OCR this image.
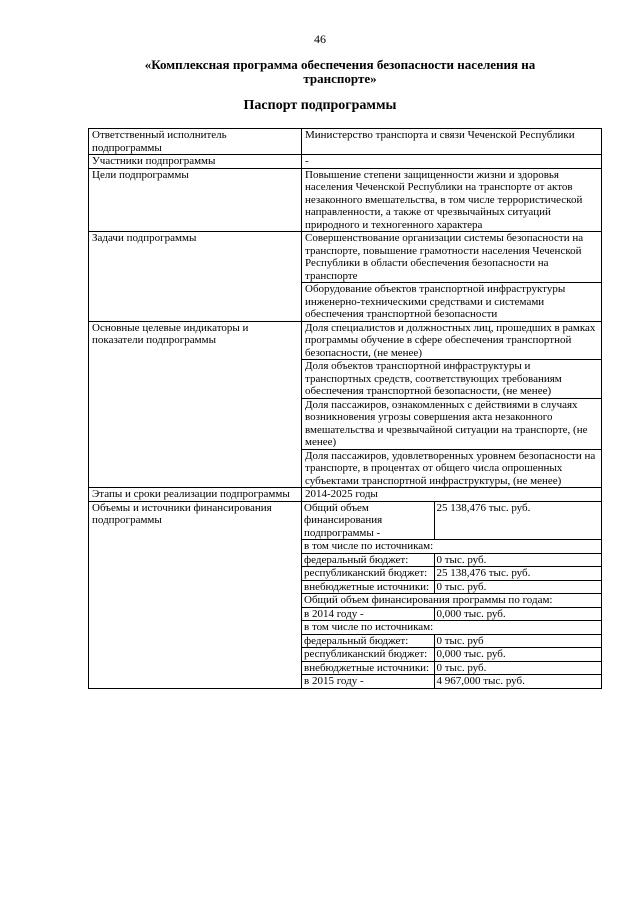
46
«Комплексная программа обеспечения безопасности населения на транспорте»
Паспорт подпрограммы
Ответственный исполнитель подпрограммы	Министерство транспорта и связи Чеченской Республики
Участники подпрограммы	-
Цели подпрограммы	Повышение степени защищенности жизни и здоровья населения Чеченской Республики на транспорте от актов незаконного вмешательства, в том числе террористической направленности, а также от чрезвычайных ситуаций природного и техногенного характера
Задачи подпрограммы	Совершенствование организации системы безопасности на транспорте, повышение грамотности населения Чеченской Республики в области обеспечения безопасности на транспорте
Оборудование объектов транспортной инфраструктуры инженерно-техническими средствами и системами обеспечения транспортной безопасности
Основные целевые индикаторы и показатели подпрограммы	Доля специалистов и должностных лиц, прошедших в рамках программы обучение в сфере обеспечения транспортной безопасности, (не менее)
Доля объектов транспортной инфраструктуры и транспортных средств, соответствующих требованиям обеспечения транспортной безопасности, (не менее)
Доля пассажиров, ознакомленных с действиями в случаях возникновения угрозы совершения акта незаконного вмешательства и чрезвычайной ситуации на транспорте, (не менее)
Доля пассажиров, удовлетворенных уровнем безопасности на транспорте, в процентах от общего числа опрошенных субъектами транспортной инфраструктуры, (не менее)
Этапы и сроки реализации подпрограммы	2014-2025 годы
Объемы и источники финансирования подпрограммы	
Общий объем финансирования подпрограммы -	25 138,476 тыс. руб.
в том числе по источникам:
федеральный бюджет:	0 тыс. руб.
республиканский бюджет:	25 138,476 тыс. руб.
внебюджетные источники:	0 тыс. руб.
Общий объем финансирования программы по годам:
в 2014 году -	0,000 тыс. руб.
в том числе по источникам:
федеральный бюджет:	0 тыс. руб
республиканский бюджет:	0,000 тыс. руб.
внебюджетные источники:	0 тыс. руб.
в 2015 году -	4 967,000 тыс. руб.
